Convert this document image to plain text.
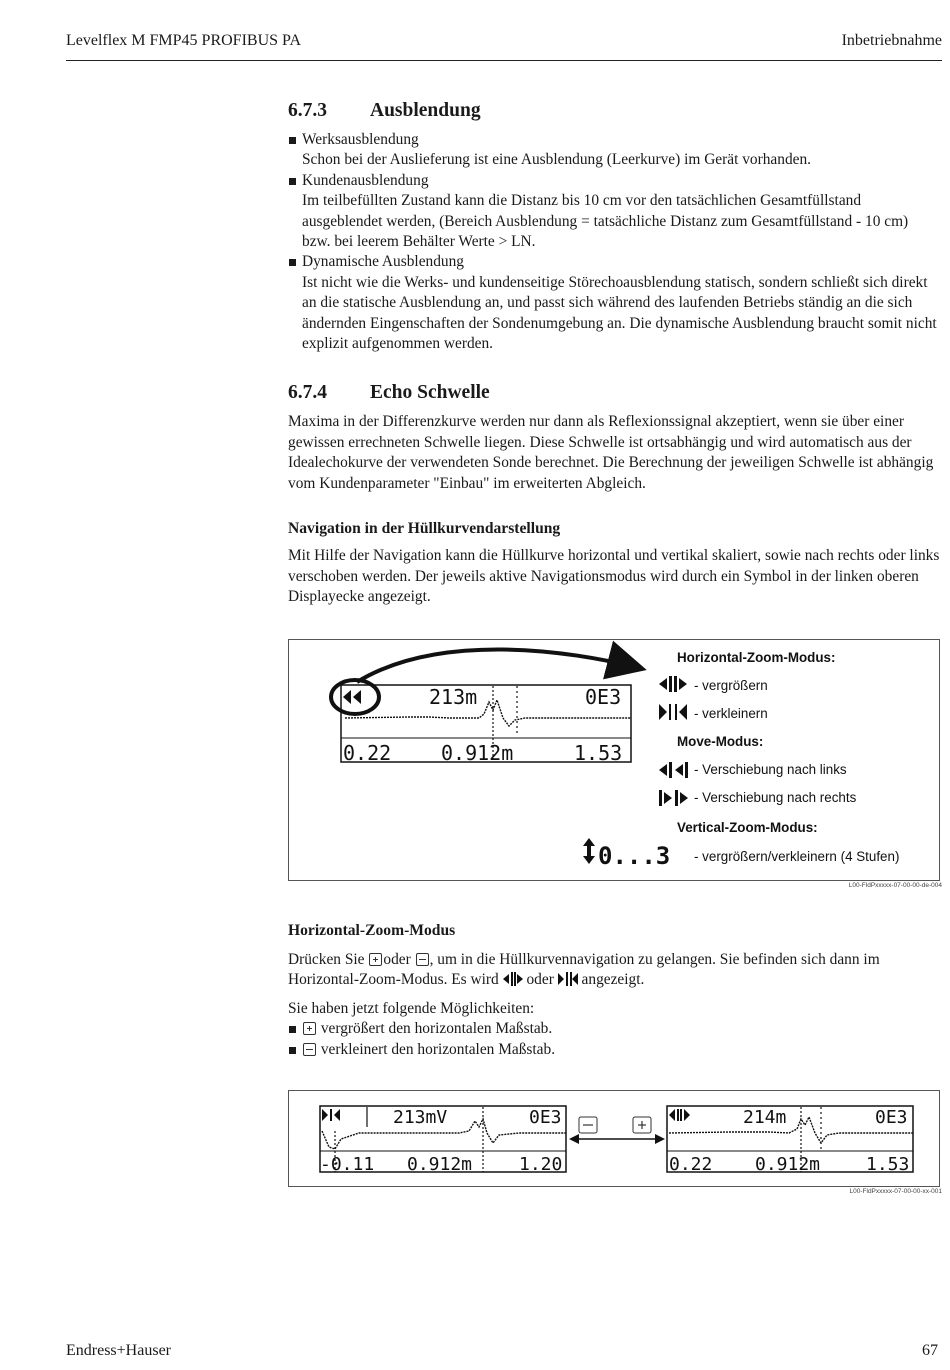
Levelflex M FMP45 PROFIBUS PA	Inbetriebnahme
6.7.3 Ausblendung
Werksausblendung
Schon bei der Auslieferung ist eine Ausblendung (Leerkurve) im Gerät vorhanden.
Kundenausblendung
Im teilbefüllten Zustand kann die Distanz bis 10 cm vor den tatsächlichen Gesamtfüllstand ausgeblendet werden, (Bereich Ausblendung = tatsächliche Distanz zum Gesamtfüllstand - 10 cm) bzw. bei leerem Behälter Werte > LN.
Dynamische Ausblendung
Ist nicht wie die Werks- und kundenseitige Störechoausblendung statisch, sondern schließt sich direkt an die statische Ausblendung an, und passt sich während des laufenden Betriebs ständig an die sich ändernden Eingenschaften der Sondenumgebung an. Die dynamische Ausblendung braucht somit nicht explizit aufgenommen werden.
6.7.4 Echo Schwelle

Maxima in der Differenzkurve werden nur dann als Reflexionssignal akzeptiert, wenn sie über einer gewissen errechneten Schwelle liegen. Diese Schwelle ist ortsabhängig und wird automatisch aus der Idealechokurve der verwendeten Sonde berechnet. Die Berechnung der jeweiligen Schwelle ist abhängig vom Kundenparameter "Einbau" im erweiterten Abgleich.

Navigation in der Hüllkurvendarstellung

Mit Hilfe der Navigation kann die Hüllkurve horizontal und vertikal skaliert, sowie nach rechts oder links verschoben werden. Der jeweils aktive Navigationsmodus wird durch ein Symbol in der linken oberen Displayecke angezeigt.

213m	0E3
0.22 0.912m	1.53
0...3
Horizontal-Zoom-Modus:
- vergrößern
- verkleinern
Move-Modus:
- Verschiebung nach links
- Verschiebung nach rechts
Vertical-Zoom-Modus:
- vergrößern/verkleinern (4 Stufen)
L00-FldPxxxxx-07-00-00-de-004
Horizontal-Zoom-Modus

Drücken Sie oder , um in die Hüllkurvennavigation zu gelangen. Sie befinden sich dann im

Horizontal-Zoom-Modus. Es wird oder angezeigt.

Sie haben jetzt folgende Möglichkeiten:

vergrößert den horizontalen Maßstab.
verkleinert den horizontalen Maßstab.
213mV	0E3
-0.11 0.912m	1.20
214m	0E3
0.22 0.912m	1.53
L00-FldPxxxxx-07-00-00-xx-001
Endress+Hauser	67
